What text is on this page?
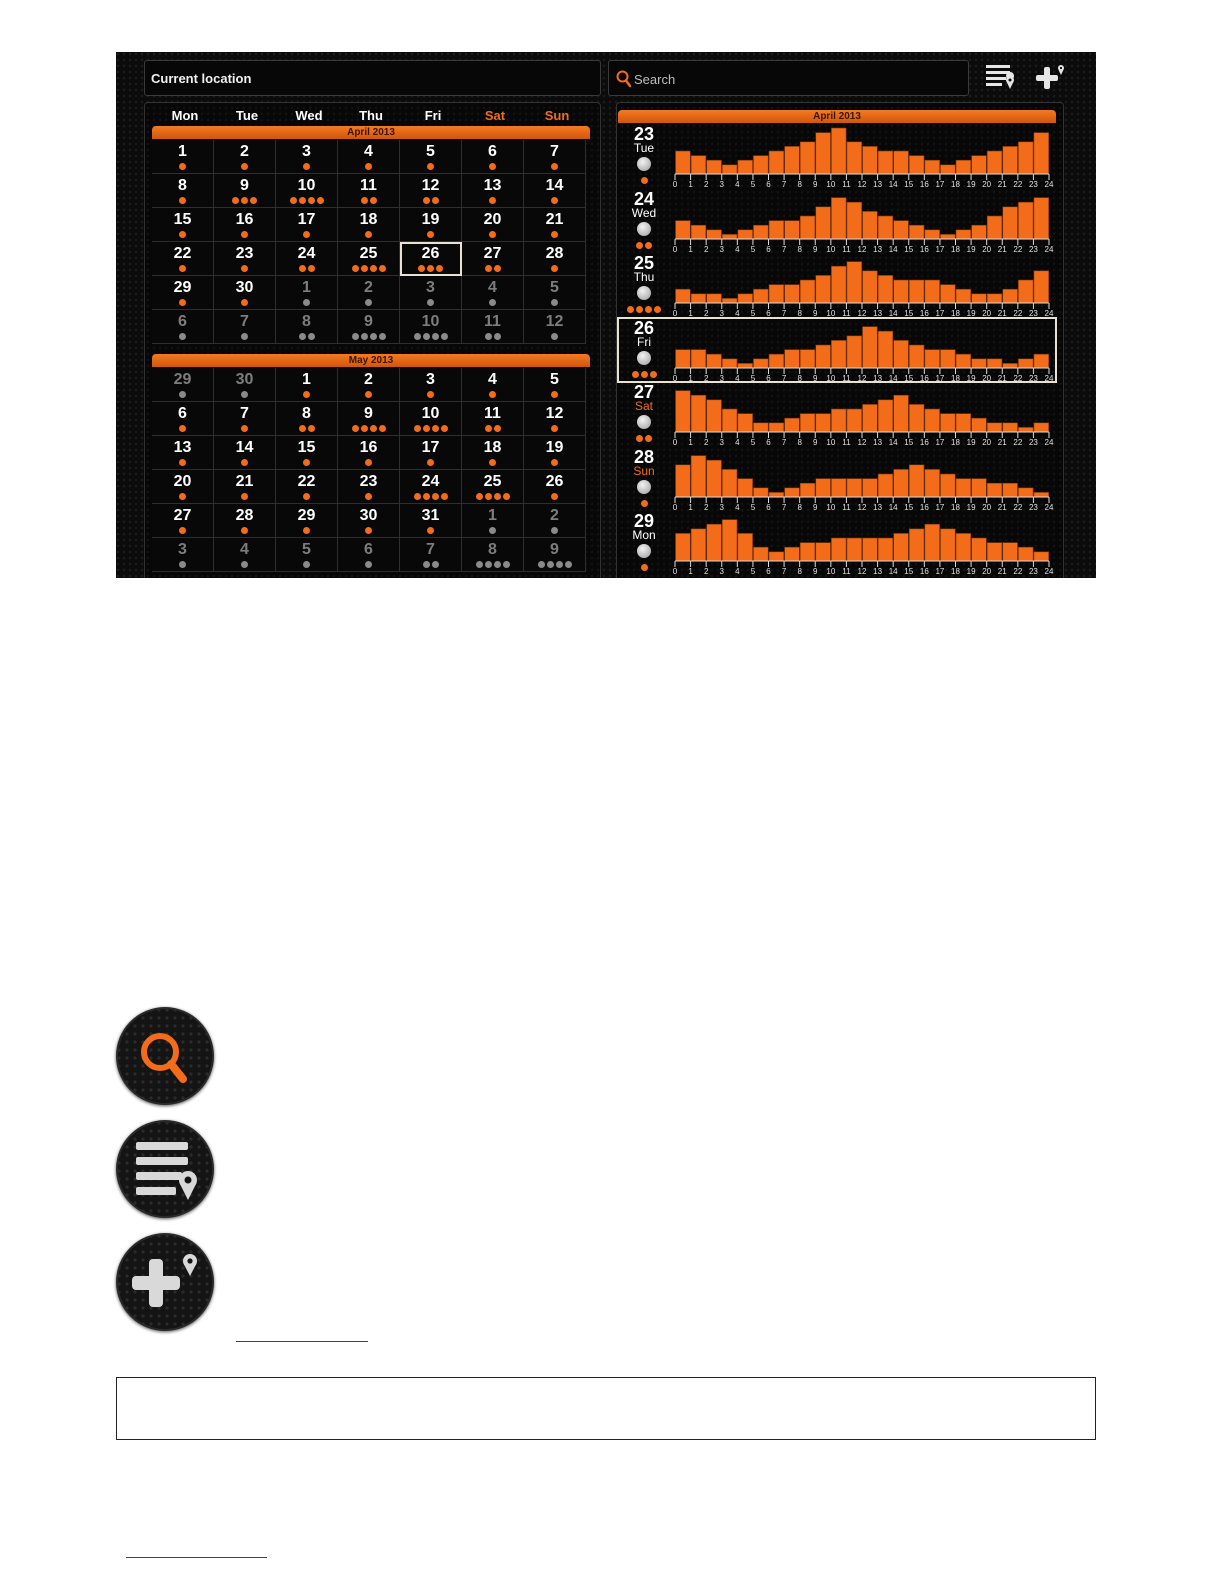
Current location	Search
Mon	Tue	Wed	Thu	Fri	Sat	Sun
April 2013
1	2	3	4	5	6	7
8	9	10	11	12	13	14
15	16	17	18	19	20	21
22	23	24	25	26	27	28
29	30	1	2	3	4	5
6	7	8	9	10	11	12
May 2013
29	30	1	2	3	4	5
6	7	8	9	10	11	12
13	14	15	16	17	18	19
20	21	22	23	24	25	26
27	28	29	30	31	1	2
3	4	5	6	7	8	9
April 2013
23
Tue
0 1 2 3 4 5 6 7 8 9 10 11 12 13 14 15 16 17 18 19 20 21 22 23 24
24
Wed
0 1 2 3 4 5 6 7 8 9 10 11 12 13 14 15 16 17 18 19 20 21 22 23 24
25
Thu
0 1 2 3 4 5 6 7 8 9 10 11 12 13 14 15 16 17 18 19 20 21 22 23 24
26
Fri
0 1 2 3 4 5 6 7 8 9 10 11 12 13 14 15 16 17 18 19 20 21 22 23 24
27
Sat
0 1 2 3 4 5 6 7 8 9 10 11 12 13 14 15 16 17 18 19 20 21 22 23 24
28
Sun
0 1 2 3 4 5 6 7 8 9 10 11 12 13 14 15 16 17 18 19 20 21 22 23 24
29
Mon
0 1 2 3 4 5 6 7 8 9 10 11 12 13 14 15 16 17 18 19 20 21 22 23 24
